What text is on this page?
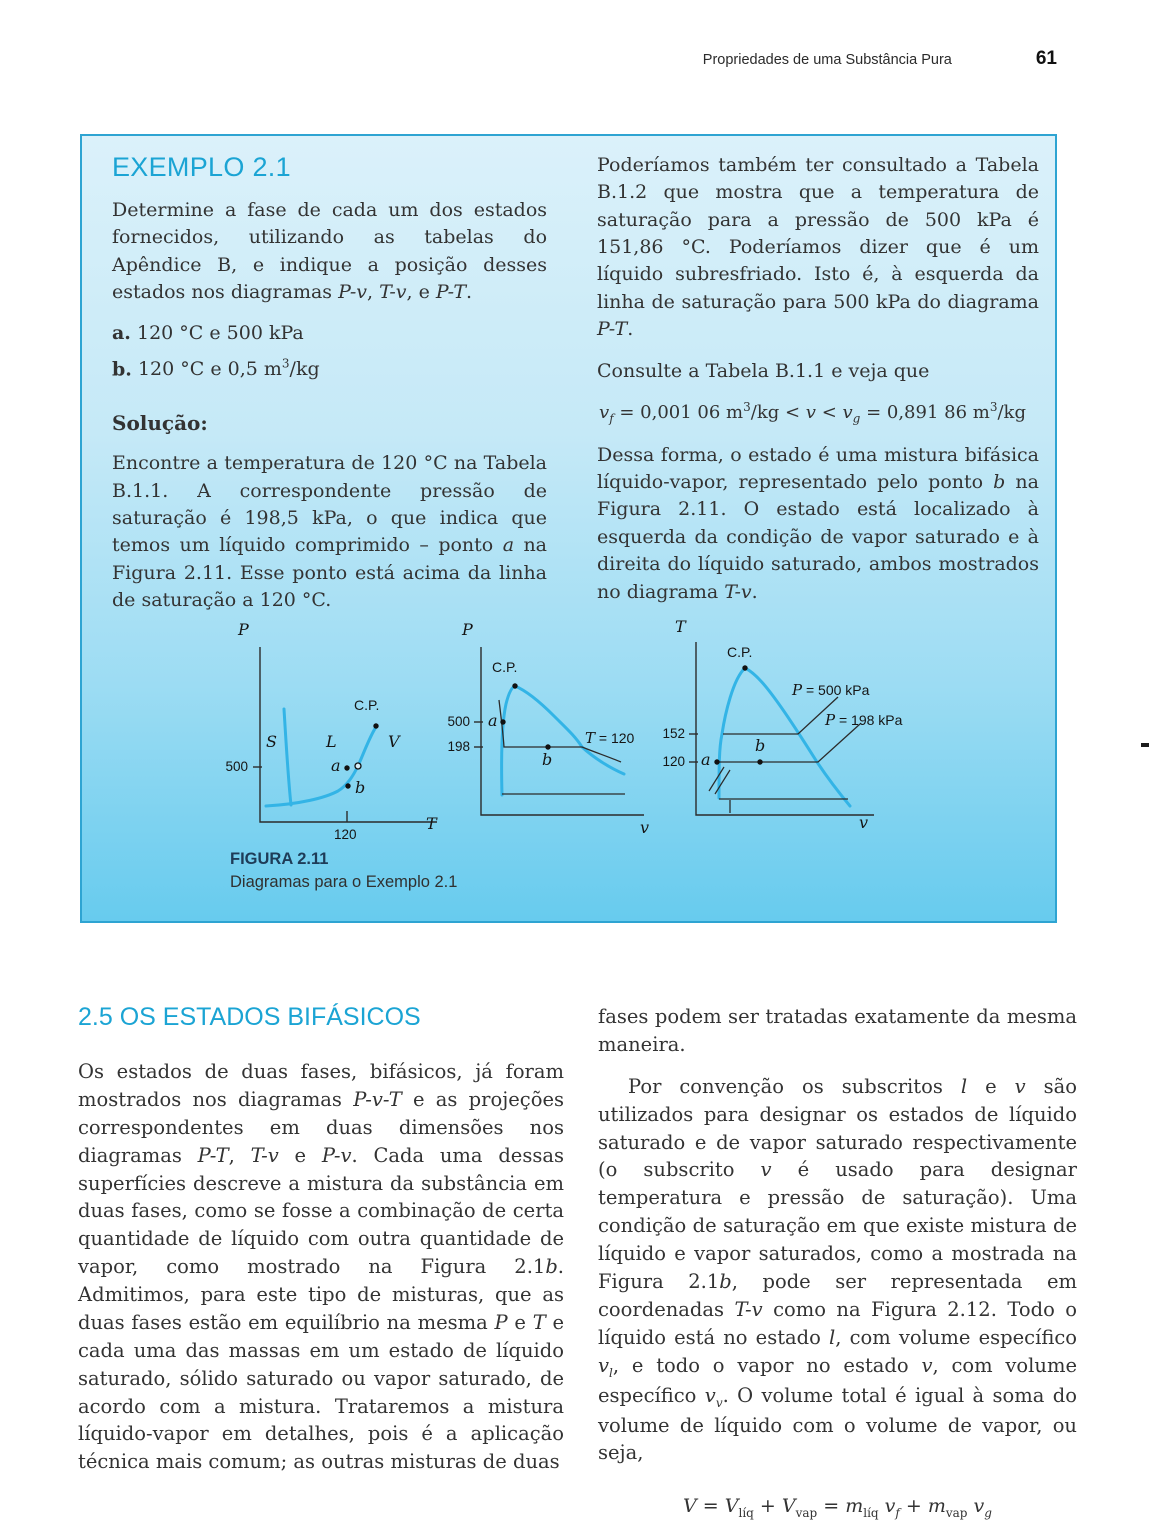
Propriedades de uma Substância Pura	61
EXEMPLO 2.1

Determine a fase de cada um dos estados fornecidos, utilizando as tabelas do Apêndice B, e indique a posição desses estados nos diagramas P-v, T-v, e P-T.

a. 120 °C e 500 kPa

b. 120 °C e 0,5 $m^3/kg$

Solução:

Encontre a temperatura de 120 °C na Tabela B.1.1. A correspondente pressão de saturação é 198,5 kPa, o que indica que temos um líquido comprimido – ponto a na Figura 2.11. Esse ponto está acima da linha de saturação a 120 °C.

Poderíamos também ter consultado a Tabela B.1.2 que mostra que a temperatura de saturação para a pressão de 500 kPa é 151,86 °C. Poderíamos dizer que é um líquido subresfriado. Isto é, à esquerda da linha de saturação para 500 kPa do diagrama P-T.

Consulte a Tabela B.1.1 e veja que

$v_f = 0,001$ 06 $m^3/kg < v < v_g = 0,891$ 86 $m^3/kg$

Dessa forma, o estado é uma mistura bifásica líquido-vapor, representado pelo ponto b na Figura 2.11. O estado está localizado à esquerda da condição de vapor saturado e à direita do líquido saturado, ambos mostrados no diagrama T-v.

P
T
500
120
C.P.
S	L	V
a
b
P
v
500
198
C.P.
a
b
T = 120
T
v
152
120
C.P.
a
b
P = 500 kPa
P = 198 kPa
FIGURA 2.11
Diagramas para o Exemplo 2.1
2.5 OS ESTADOS BIFÁSICOS

Os estados de duas fases, bifásicos, já foram mostrados nos diagramas P-v-T e as projeções correspondentes em duas dimensões nos diagramas P-T, T-v e P-v. Cada uma dessas superfícies descreve a mistura da substância em duas fases, como se fosse a combinação de certa quantidade de líquido com outra quantidade de vapor, como mostrado na Figura 2.1b. Admitimos, para este tipo de misturas, que as duas fases estão em equilíbrio na mesma P e T e cada uma das massas em um estado de líquido saturado, sólido saturado ou vapor saturado, de acordo com a mistura. Trataremos a mistura líquido-vapor em detalhes, pois é a aplicação técnica mais comum; as outras misturas de duas

fases podem ser tratadas exatamente da mesma maneira.

Por convenção os subscritos l e v são utilizados para designar os estados de líquido saturado e de vapor saturado respectivamente (o subscrito v é usado para designar temperatura e pressão de saturação). Uma condição de saturação em que existe mistura de líquido e vapor saturados, como a mostrada na Figura 2.1b, pode ser representada em coordenadas T-v como na Figura 2.12. Todo o líquido está no estado l, com volume específico $v_l$, e todo o vapor no estado v, com volume específico $v_v$. O volume total é igual à soma do volume de líquido com o volume de vapor, ou seja,

$V = V_{líq} + V_{vap} = m_{líq}$ $v_f + m_{vap}$ $v_g$
